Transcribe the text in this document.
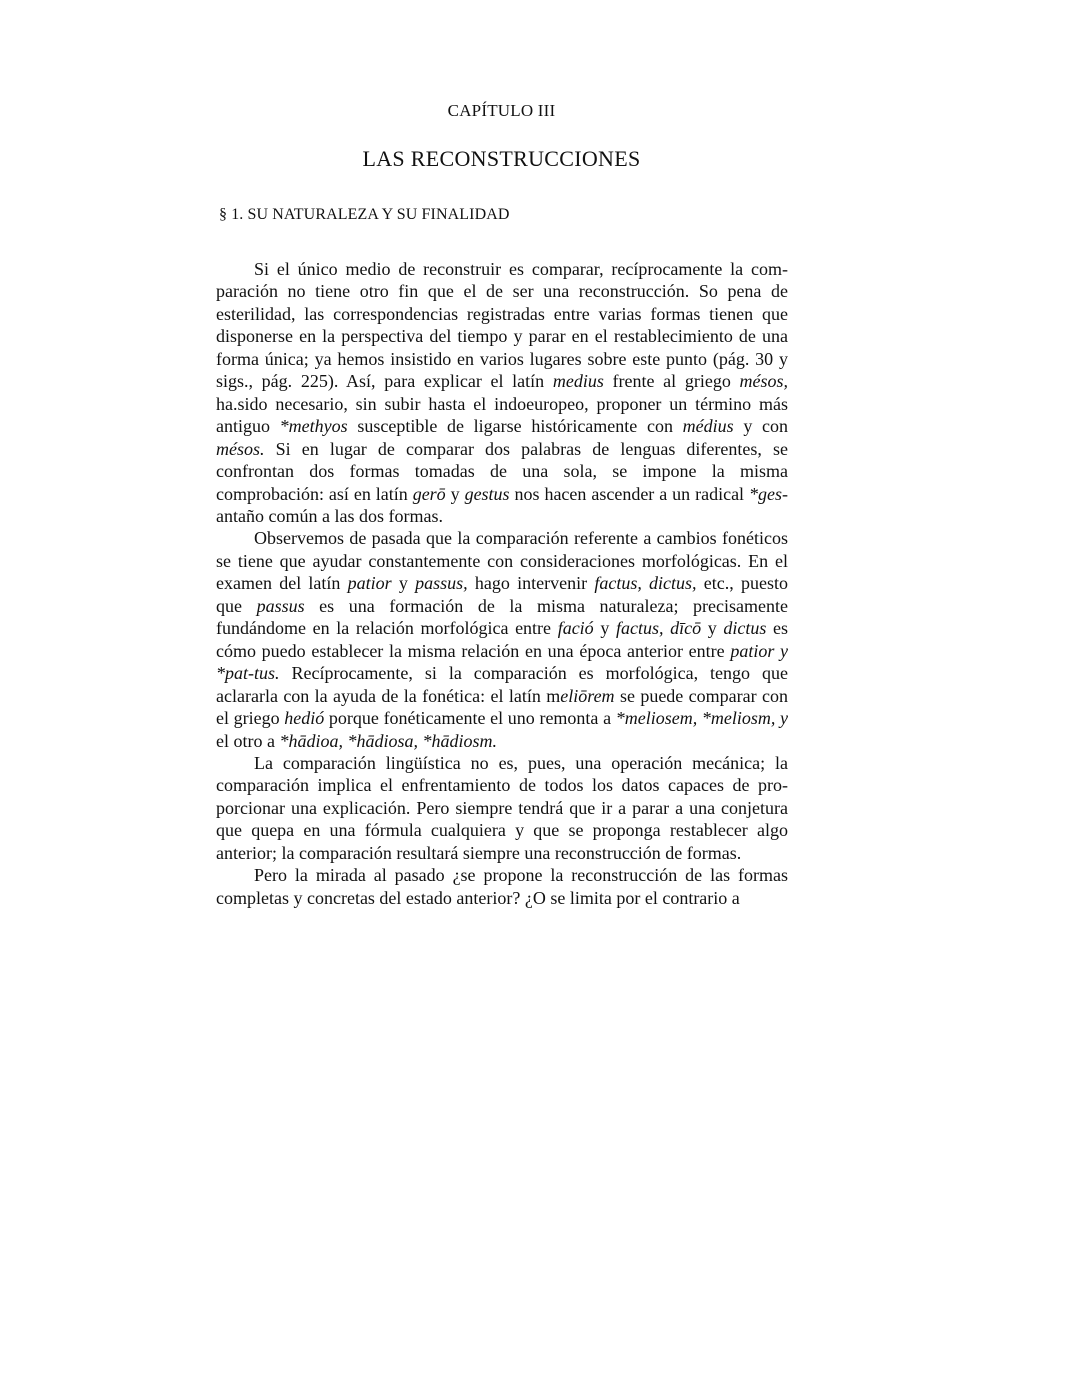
CAPÍTULO III
LAS RECONSTRUCCIONES
§ 1. SU NATURALEZA Y SU FINALIDAD

Si el único medio de reconstruir es comparar, recíprocamente la comparación no tiene otro fin que el de ser una reconstrucción. So pena de esterilidad, las correspondencias registradas entre varias formas tienen que disponerse en la perspectiva del tiempo y parar en el restablecimiento de una forma única; ya hemos insistido en varios lugares sobre este punto (pág. 30 y sigs., pág. 225). Así, para explicar el latín medius frente al griego mésos, ha.sido necesario, sin subir hasta el indoeuropeo, proponer un término más antiguo *methyos susceptible de ligarse históricamente con médius y con mésos. Si en lugar de comparar dos palabras de lenguas diferentes, se confrontan dos formas tomadas de una sola, se impone la misma comprobación: así en latín gerō y gestus nos hacen ascender a un radical *ges- antaño común a las dos formas.

Observemos de pasada que la comparación referente a cambios fonéticos se tiene que ayudar constantemente con consideraciones morfológicas. En el examen del latín patior y passus, hago intervenir factus, dictus, etc., puesto que passus es una formación de la misma naturaleza; precisamente fundándome en la relación morfológica entre fació y factus, dīcō y dictus es cómo puedo establecer la misma relación en una época anterior entre patior y *pat-tus. Recíprocamente, si la comparación es morfológica, tengo que aclararla con la ayuda de la fonética: el latín meliōrem se puede comparar con el griego hedió porque fonéticamente el uno remonta a *meliosem, *meliosm, y el otro a *hādioa, *hādiosa, *hādiosm.

La comparación lingüística no es, pues, una operación mecánica; la comparación implica el enfrentamiento de todos los datos capaces de proporcionar una explicación. Pero siempre tendrá que ir a parar a una conjetura que quepa en una fórmula cualquiera y que se proponga restablecer algo anterior; la comparación resultará siempre una reconstrucción de formas.

Pero la mirada al pasado ¿se propone la reconstrucción de las formas completas y concretas del estado anterior? ¿O se limita por el contrario a
